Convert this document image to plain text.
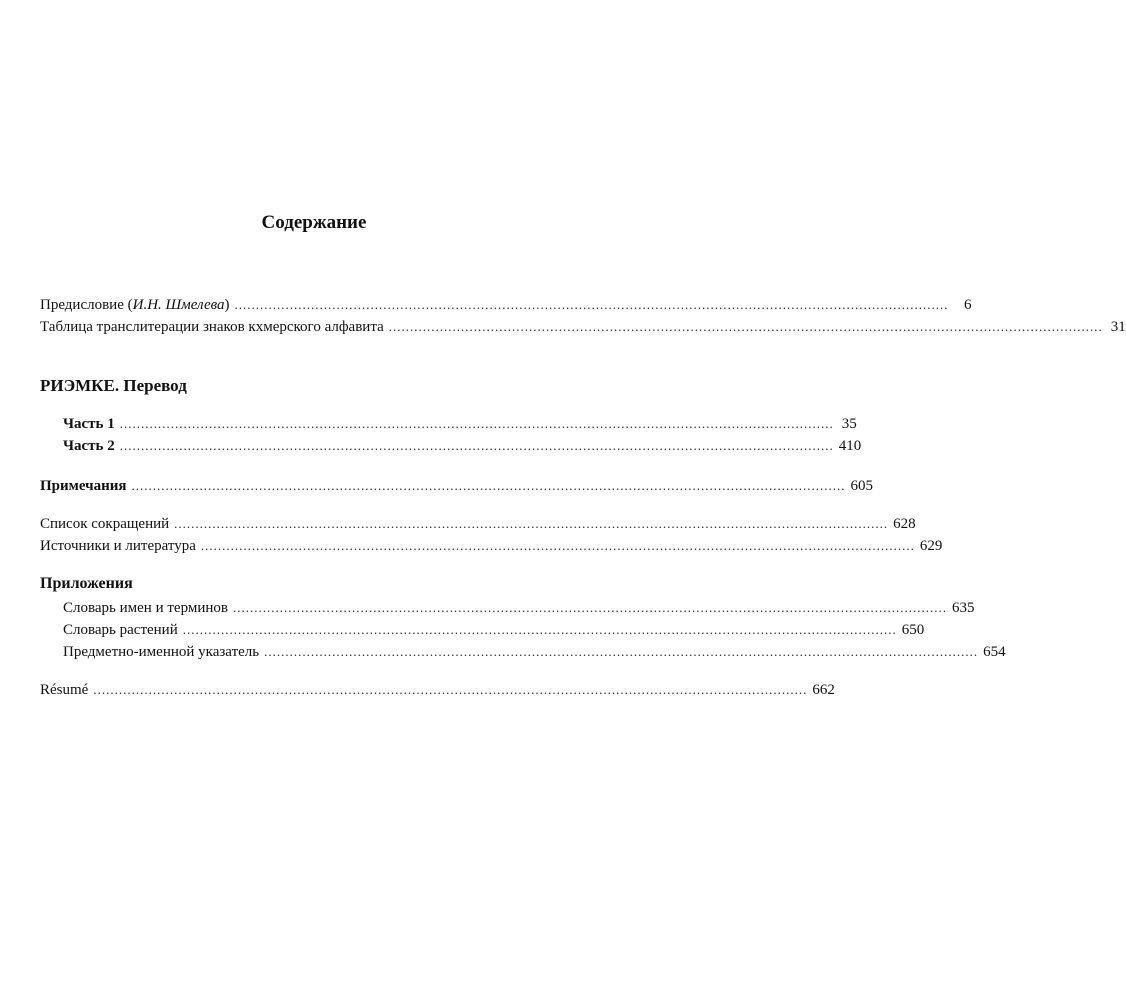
Содержание
Предисловие (И.Н. Шмелева) ........................................................................................................................................................................	6
Таблица транслитерации знаков кхмерского алфавита ........................................................................................................................................................................ 31
РИЭМКЕ. Перевод
Часть 1 ........................................................................................................................................................................ 35
Часть 2 ........................................................................................................................................................................ 410
Примечания ........................................................................................................................................................................ 605
Список сокращений ........................................................................................................................................................................ 628
Источники и литература ........................................................................................................................................................................ 629
Приложения
Словарь имен и терминов ........................................................................................................................................................................ 635
Словарь растений ........................................................................................................................................................................ 650
Предметно-именной указатель ........................................................................................................................................................................ 654
Résumé ........................................................................................................................................................................ 662
